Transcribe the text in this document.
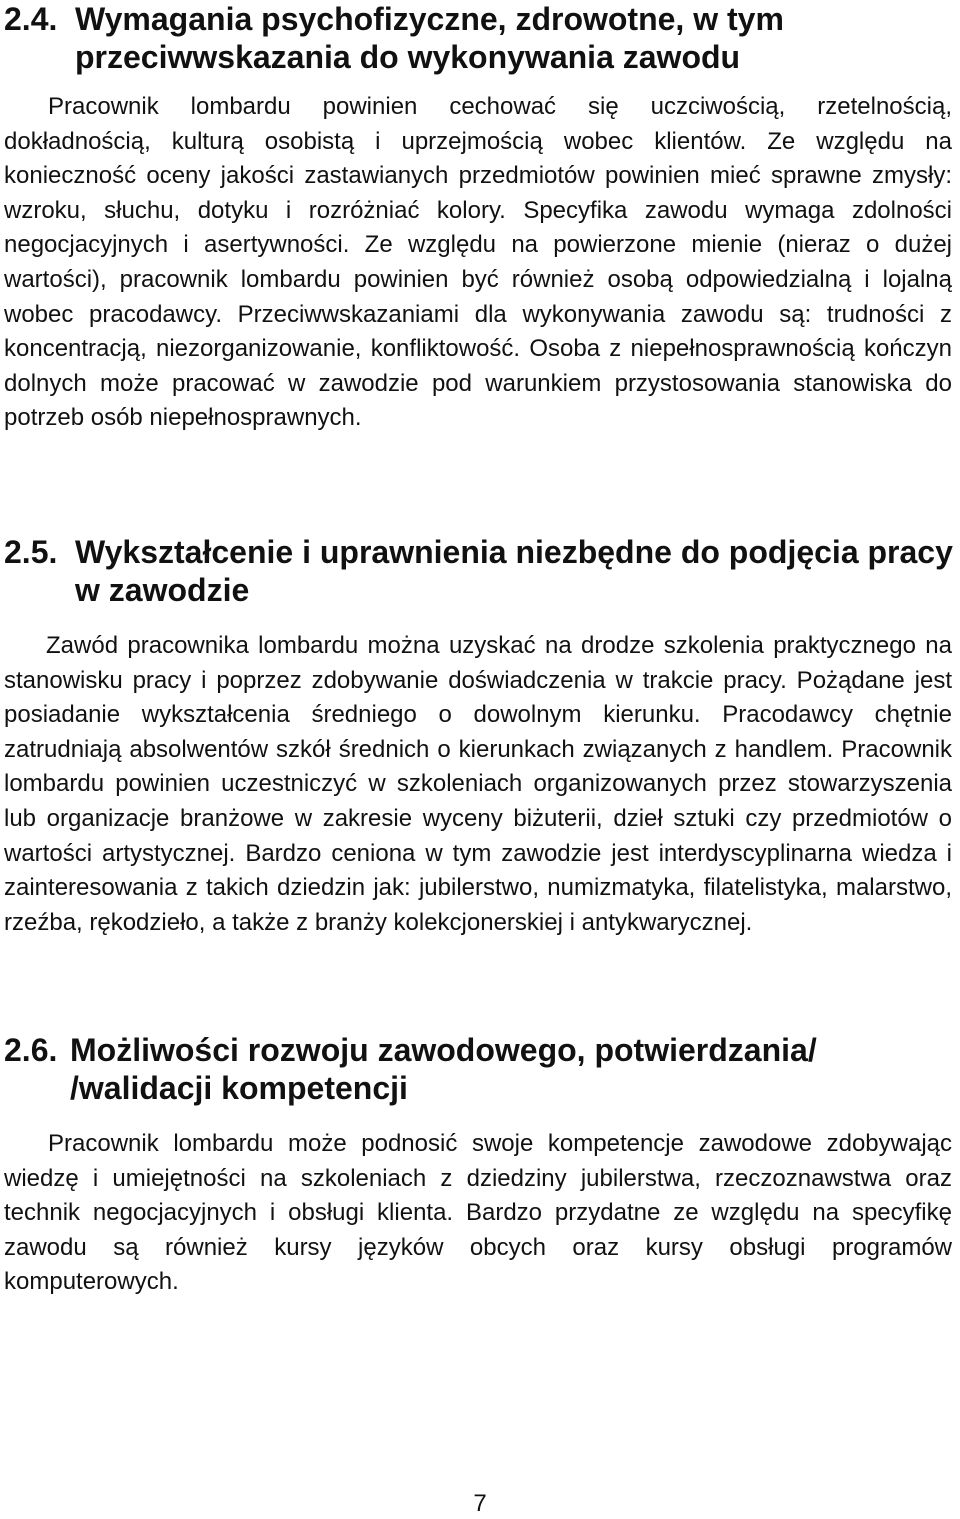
2.4. Wymagania psychofizyczne, zdrowotne, w tym przeciwwskazania do wykonywania zawodu

Pracownik lombardu powinien cechować się uczciwością, rzetelnością, dokładnością, kulturą osobistą i uprzejmością wobec klientów. Ze względu na konieczność oceny jakości zastawianych przedmiotów powinien mieć sprawne zmysły: wzroku, słuchu, dotyku i rozróżniać kolory. Specyfika zawodu wymaga zdolności negocjacyjnych i asertywności. Ze względu na powierzone mienie (nieraz o dużej wartości), pracownik lombardu powinien być również osobą odpowiedzialną i lojalną wobec pracodawcy. Przeciwwskazaniami dla wykonywania zawodu są: trudności z koncentracją, niezorganizowanie, konfliktowość. Osoba z niepełnosprawnością kończyn dolnych może pracować w zawodzie pod warunkiem przystosowania stanowiska do potrzeb osób niepełnosprawnych.

2.5. Wykształcenie i uprawnienia niezbędne do podjęcia pracy w zawodzie

Zawód pracownika lombardu można uzyskać na drodze szkolenia praktycznego na stanowisku pracy i poprzez zdobywanie doświadczenia w trakcie pracy. Pożądane jest posiadanie wykształcenia średniego o dowolnym kierunku. Pracodawcy chętnie zatrudniają absolwentów szkół średnich o kierunkach związanych z handlem. Pracownik lombardu powinien uczestniczyć w szkoleniach organizowanych przez stowarzyszenia lub organizacje branżowe w zakresie wyceny biżuterii, dzieł sztuki czy przedmiotów o wartości artystycznej. Bardzo ceniona w tym zawodzie jest interdyscyplinarna wiedza i zainteresowania z takich dziedzin jak: jubilerstwo, numizmatyka, filatelistyka, malarstwo, rzeźba, rękodzieło, a także z branży kolekcjonerskiej i antykwarycznej.

2.6. Możliwości rozwoju zawodowego, potwierdzania/ /walidacji kompetencji

Pracownik lombardu może podnosić swoje kompetencje zawodowe zdobywając wiedzę i umiejętności na szkoleniach z dziedziny jubilerstwa, rzeczoznawstwa oraz technik negocjacyjnych i obsługi klienta. Bardzo przydatne ze względu na specyfikę zawodu są również kursy języków obcych oraz kursy obsługi programów komputerowych.

7
